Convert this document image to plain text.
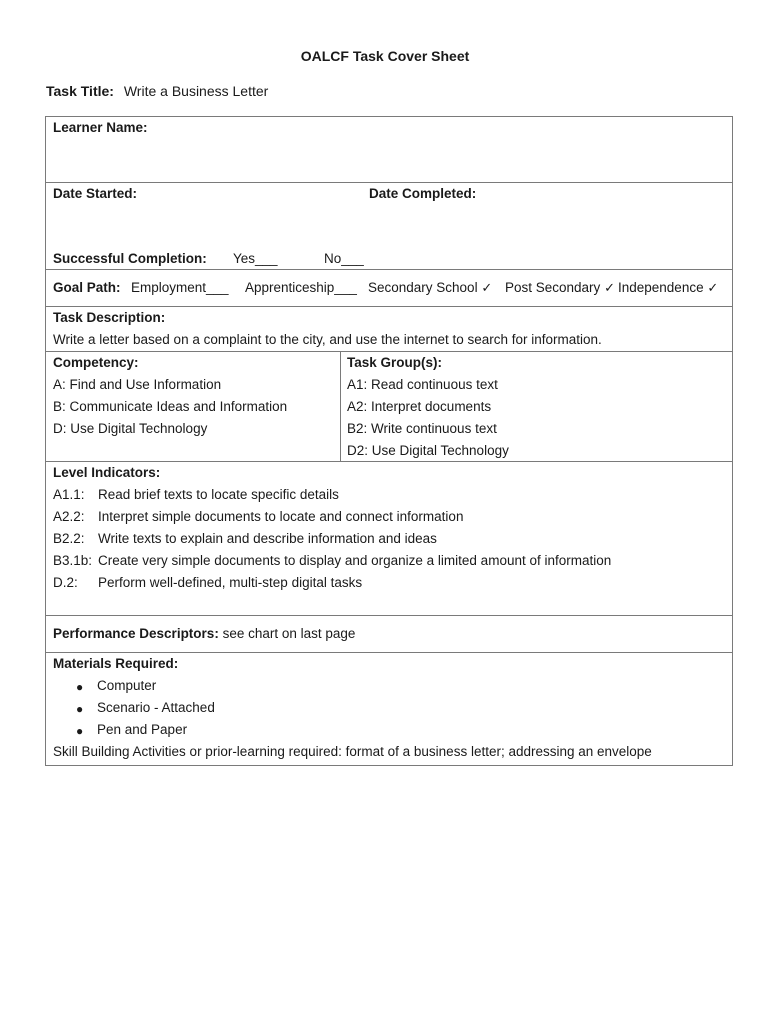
OALCF Task Cover Sheet
Task Title: Write a Business Letter
Learner Name:
Date Started:	Date Completed:
Successful Completion: Yes___	No___
Goal Path: Employment___ Apprenticeship___ Secondary School ✓ Post Secondary ✓ Independence ✓
Task Description:
Write a letter based on a complaint to the city, and use the internet to search for information.
Competency:
A: Find and Use Information
B: Communicate Ideas and Information
D: Use Digital Technology
Task Group(s):
A1: Read continuous text
A2: Interpret documents
B2: Write continuous text
D2: Use Digital Technology
Level Indicators:
A1.1: Read brief texts to locate specific details
A2.2: Interpret simple documents to locate and connect information
B2.2: Write texts to explain and describe information and ideas
B3.1b: Create very simple documents to display and organize a limited amount of information
D.2: Perform well-defined, multi-step digital tasks
Performance Descriptors: see chart on last page
Materials Required:
● Computer
● Scenario - Attached
● Pen and Paper
Skill Building Activities or prior-learning required: format of a business letter; addressing an envelope
